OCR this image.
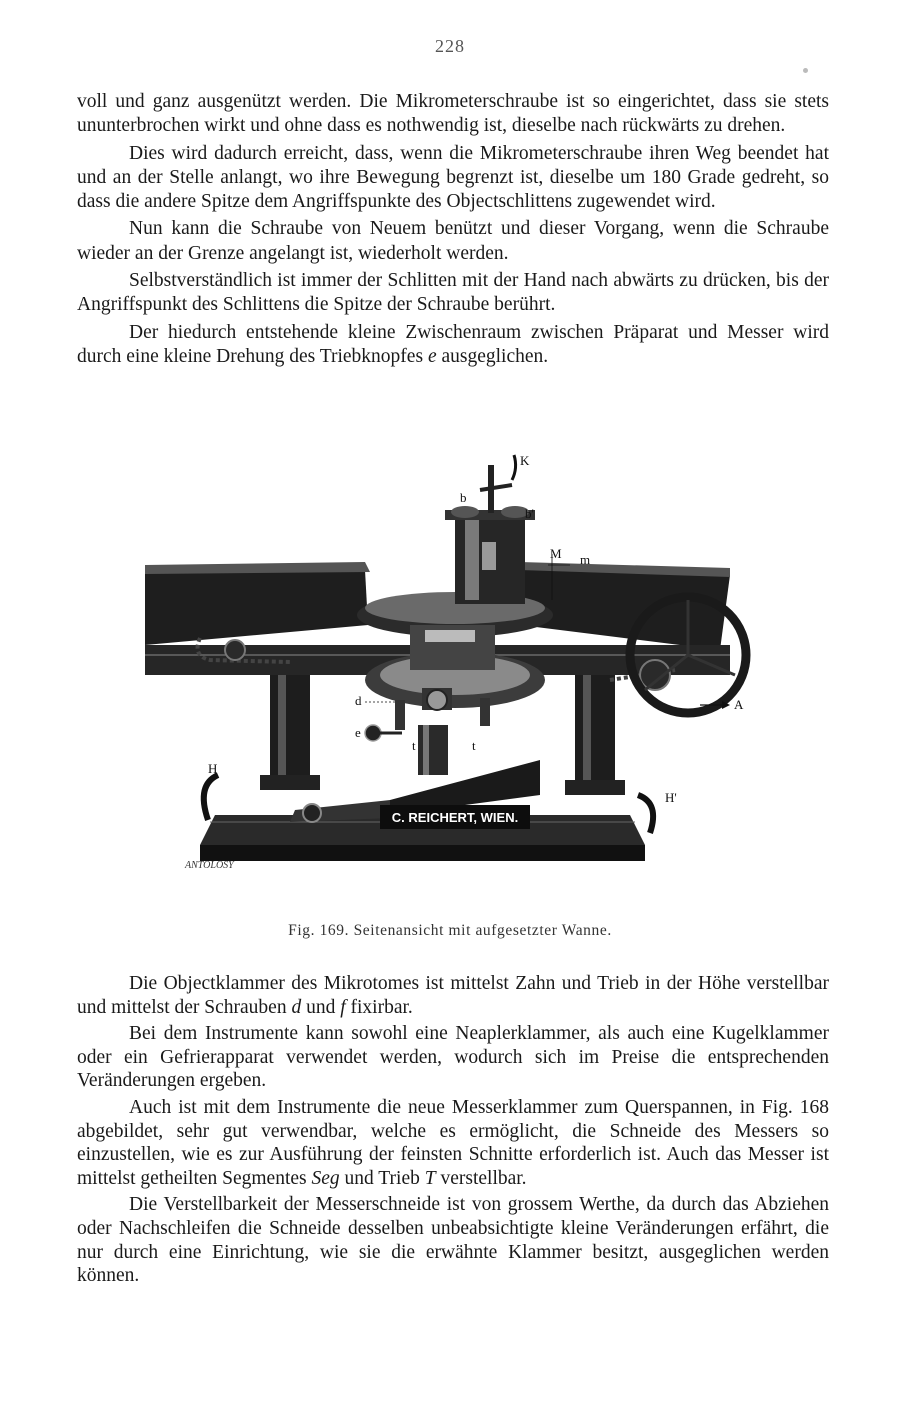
228

voll und ganz ausgenützt werden. Die Mikrometerschraube ist so eingerichtet, dass sie stets ununterbrochen wirkt und ohne dass es nothwendig ist, dieselbe nach rückwärts zu drehen.

Dies wird dadurch erreicht, dass, wenn die Mikrometerschraube ihren Weg beendet hat und an der Stelle anlangt, wo ihre Bewegung begrenzt ist, dieselbe um 180 Grade gedreht, so dass die andere Spitze dem Angriffspunkte des Objectschlittens zugewendet wird.

Nun kann die Schraube von Neuem benützt und dieser Vorgang, wenn die Schraube wieder an der Grenze angelangt ist, wiederholt werden.

Selbstverständlich ist immer der Schlitten mit der Hand nach abwärts zu drücken, bis der Angriffspunkt des Schlittens die Spitze der Schraube berührt.

Der hiedurch entstehende kleine Zwischenraum zwischen Präparat und Messer wird durch eine kleine Drehung des Triebknopfes e ausgeglichen.

C. REICHERT, WIEN.
K
b
b'
M m
A
d
e
t	t
H
H'
ANTOLOSY
Fig. 169. Seitenansicht mit aufgesetzter Wanne.

Die Objectklammer des Mikrotomes ist mittelst Zahn und Trieb in der Höhe verstellbar und mittelst der Schrauben d und f fixirbar.

Bei dem Instrumente kann sowohl eine Neaplerklammer, als auch eine Kugelklammer oder ein Gefrierapparat verwendet werden, wodurch sich im Preise die entsprechenden Veränderungen ergeben.

Auch ist mit dem Instrumente die neue Messerklammer zum Querspannen, in Fig. 168 abgebildet, sehr gut verwendbar, welche es ermöglicht, die Schneide des Messers so einzustellen, wie es zur Ausführung der feinsten Schnitte erforderlich ist. Auch das Messer ist mittelst getheilten Segmentes Seg und Trieb T verstellbar.

Die Verstellbarkeit der Messerschneide ist von grossem Werthe, da durch das Abziehen oder Nachschleifen die Schneide desselben unbeabsichtigte kleine Veränderungen erfährt, die nur durch eine Einrichtung, wie sie die erwähnte Klammer besitzt, ausgeglichen werden können.
